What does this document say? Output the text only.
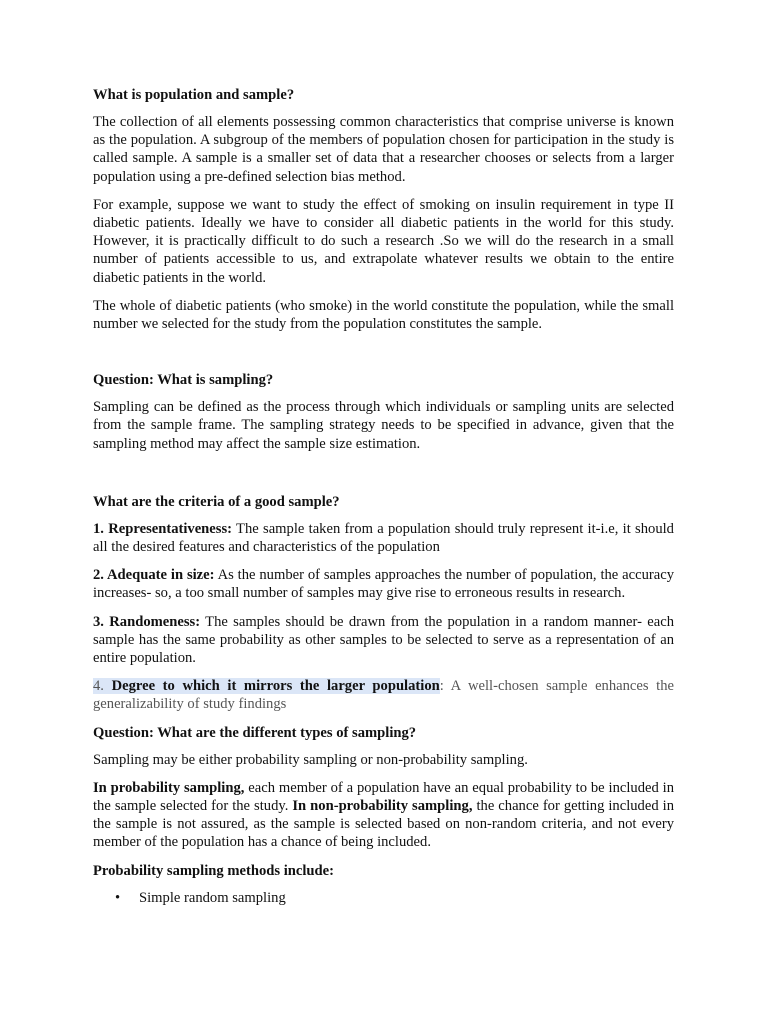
What is population and sample?
The collection of all elements possessing common characteristics that comprise universe is known as the population. A subgroup of the members of population chosen for participation in the study is called sample. A sample is a smaller set of data that a researcher chooses or selects from a larger population using a pre-defined selection bias method.
For example, suppose we want to study the effect of smoking on insulin requirement in type II diabetic patients. Ideally we have to consider all diabetic patients in the world for this study. However, it is practically difficult to do such a research .So we will do the research in a small number of patients accessible to us, and extrapolate whatever results we obtain to the entire diabetic patients in the world.
The whole of diabetic patients (who smoke) in the world constitute the population, while the small number we selected for the study from the population constitutes the sample.
Question: What is sampling?
Sampling can be defined as the process through which individuals or sampling units are selected from the sample frame. The sampling strategy needs to be specified in advance, given that the sampling method may affect the sample size estimation.
What are the criteria of a good sample?
1. Representativeness: The sample taken from a population should truly represent it-i.e, it should all the desired features and characteristics of the population
2. Adequate in size: As the number of samples approaches the number of population, the accuracy increases- so, a too small number of samples may give rise to erroneous results in research.
3. Randomeness: The samples should be drawn from the population in a random manner- each sample has the same probability as other samples to be selected to serve as a representation of an entire population.
4. Degree to which it mirrors the larger population: A well-chosen sample enhances the generalizability of study findings
Question: What are the different types of sampling?
Sampling may be either probability sampling or non-probability sampling.
In probability sampling, each member of a population have an equal probability to be included in the sample selected for the study. In non-probability sampling, the chance for getting included in the sample is not assured, as the sample is selected based on non-random criteria, and not every member of the population has a chance of being included.
Probability sampling methods include:
• Simple random sampling
